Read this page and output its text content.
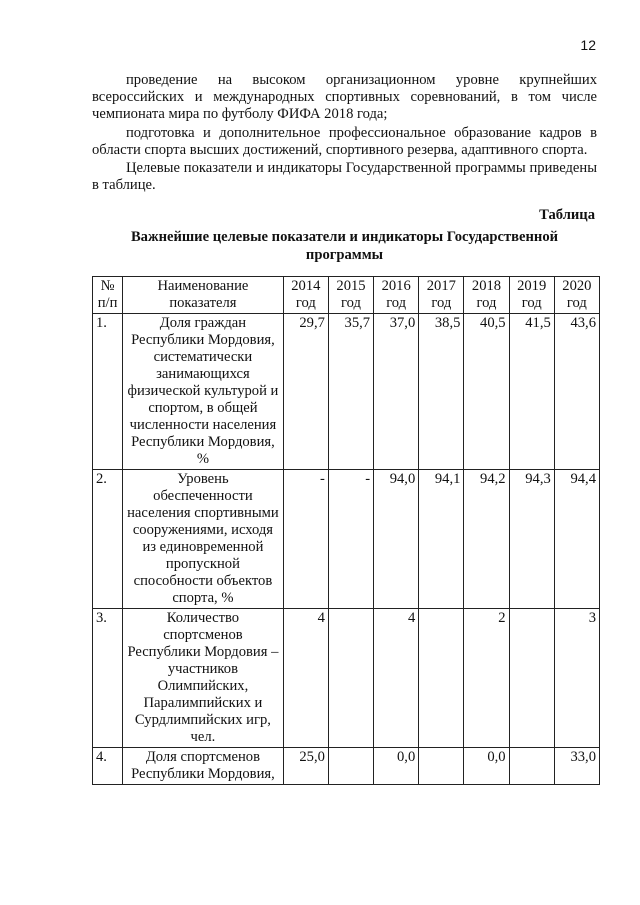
12

проведение на высоком организационном уровне крупнейших всероссийских и международных спортивных соревнований, в том числе чемпионата мира по футболу ФИФА 2018 года;

подготовка и дополнительное профессиональное образование кадров в области спорта высших достижений, спортивного резерва, адаптивного спорта.

Целевые показатели и индикаторы Государственной программы приведены в таблице.

Таблица
Важнейшие целевые показатели и индикаторы Государственной программы
№ п/п	Наименование показателя	2014 год	2015 год	2016 год	2017 год	2018 год	2019 год	2020 год
1.	Доля граждан Республики Мордовия, систематически занимающихся физической культурой и спортом, в общей численности населения Республики Мордовия, %	29,7	35,7	37,0	38,5	40,5	41,5	43,6
2.	Уровень обеспеченности населения спортивными сооружениями, исходя из единовременной пропускной способности объектов спорта, %	-	-	94,0	94,1	94,2	94,3	94,4
3.	Количество спортсменов Республики Мордовия – участников Олимпийских, Паралимпийских и Сурдлимпийских игр, чел.	4		4		2		3
4.	Доля спортсменов Республики Мордовия,	25,0		0,0		0,0		33,0
